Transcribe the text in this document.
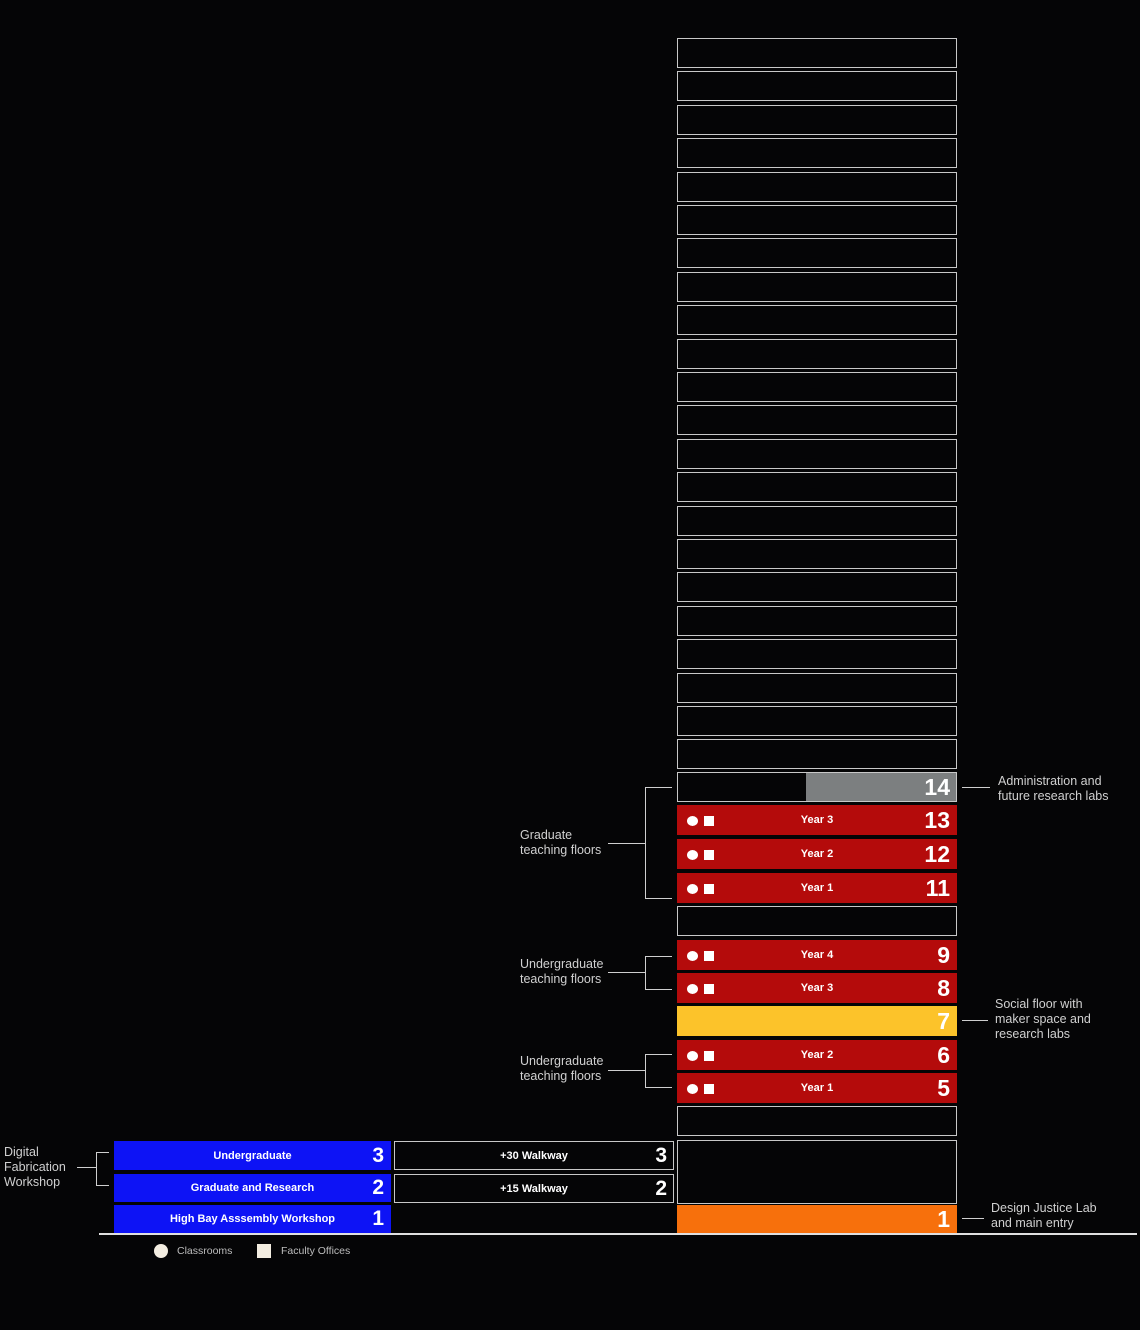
14
Year 3	13
Year 2	12
Year 1	11
Year 4	9
Year 3	8
7
Year 2	6
Year 1	5
1
+30 Walkway	3
+15 Walkway	2
Undergraduate	3
Graduate and Research	2
High Bay Asssembly Workshop	1
Administration and
future research labs
Graduate
teaching floors
Undergraduate
teaching floors
Social floor with
maker space and
research labs
Undergraduate
teaching floors
Design Justice Lab
and main entry
Digital
Fabrication
Workshop
Classrooms	Faculty Offices
